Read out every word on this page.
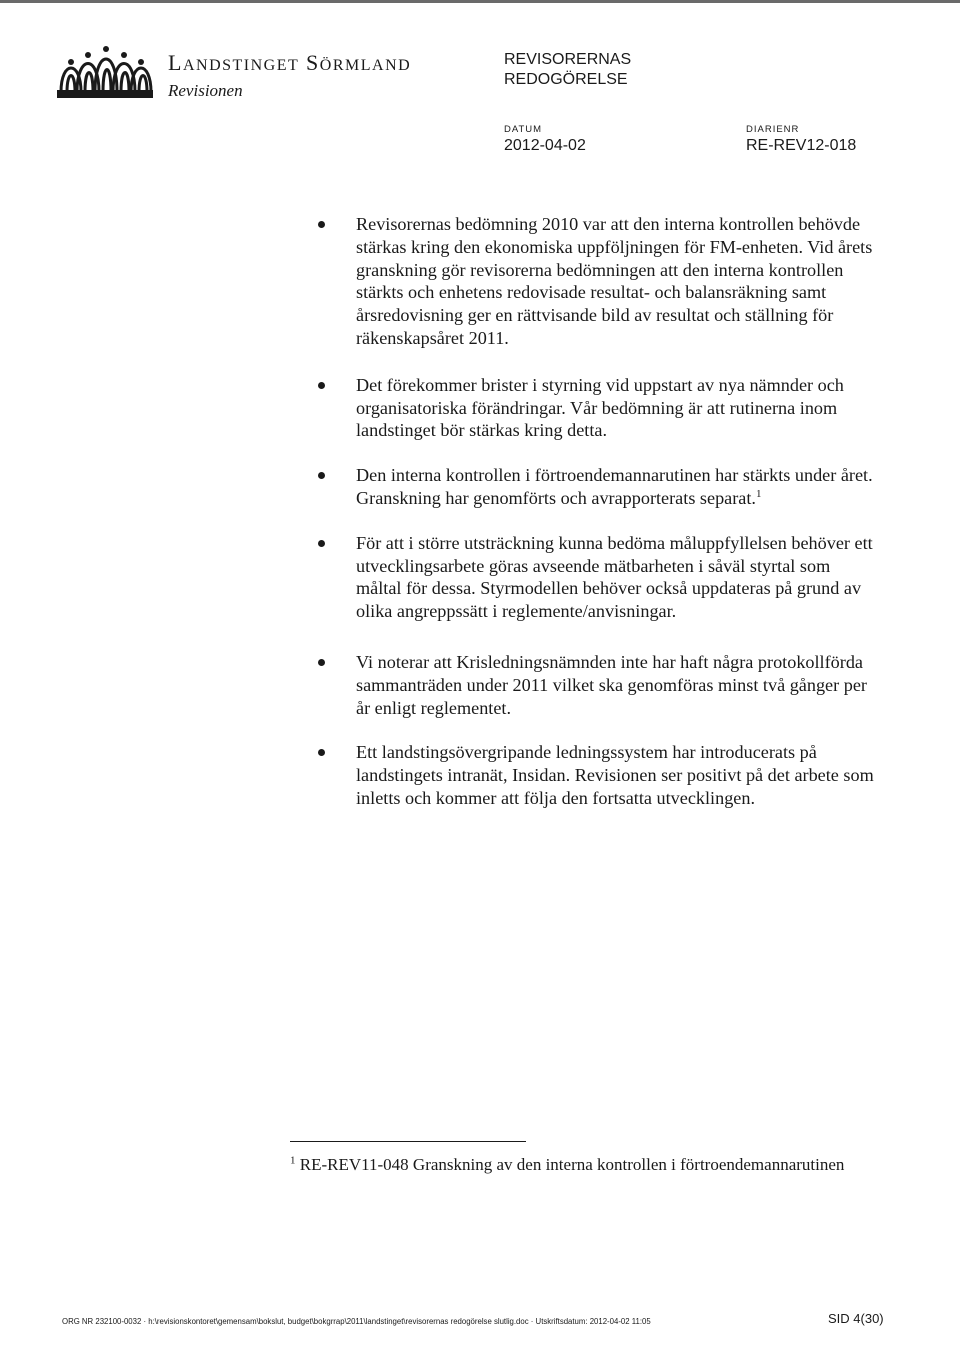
LANDSTINGET SÖRMLAND
Revisionen
REVISORERNAS
REDOGÖRELSE
DATUM
2012-04-02
DIARIENR
RE-REV12-018
Revisorernas bedömning 2010 var att den interna kontrollen behövde stärkas kring den ekonomiska uppföljningen för FM-enheten. Vid årets granskning gör revisorerna bedömningen att den interna kontrollen stärkts och enhetens redovisade resultat- och balansräkning samt årsredovisning ger en rättvisande bild av resultat och ställning för räkenskapsåret 2011.
Det förekommer brister i styrning vid uppstart av nya nämnder och organisatoriska förändringar. Vår bedömning är att rutinerna inom landstinget bör stärkas kring detta.
Den interna kontrollen i förtroendemannarutinen har stärkts under året. Granskning har genomförts och avrapporterats separat.$^1$
För att i större utsträckning kunna bedöma måluppfyllelsen behöver ett utvecklingsarbete göras avseende mätbarheten i såväl styrtal som måltal för dessa. Styrmodellen behöver också uppdateras på grund av olika angreppssätt i reglemente/anvisningar.
Vi noterar att Krisledningsnämnden inte har haft några protokollförda sammanträden under 2011 vilket ska genomföras minst två gånger per år enligt reglementet.
Ett landstingsövergripande ledningssystem har introducerats på landstingets intranät, Insidan. Revisionen ser positivt på det arbete som inletts och kommer att följa den fortsatta utvecklingen.
$^1$ RE-REV11-048 Granskning av den interna kontrollen i förtroendemannarutinen
ORG NR 232100-0032 · h:\revisionskontoret\gemensam\bokslut, budget\bokgrrap\2011\landstinget\revisorernas redogörelse slutlig.doc · Utskriftsdatum: 2012-04-02 11:05	SID 4(30)
